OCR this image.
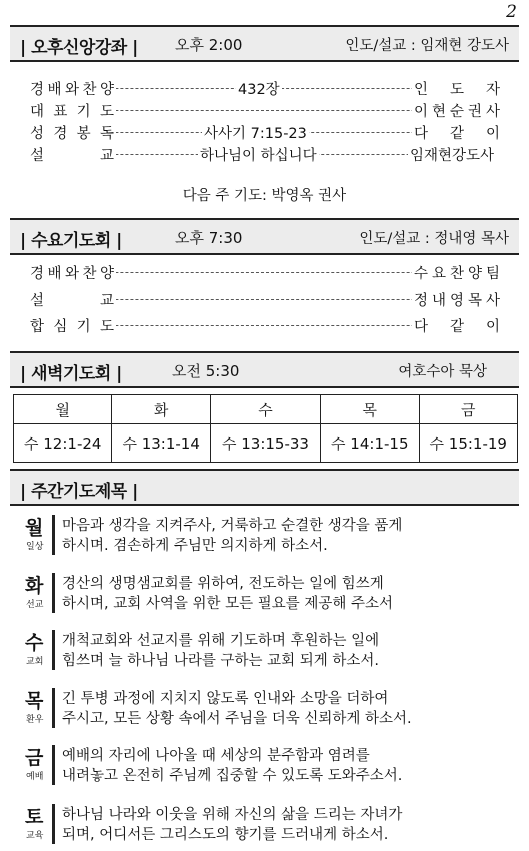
2
| 오후신앙강좌 | 오후 2:00	인도/설교 : 임재현 강도사
경 배 와 찬 양	432장	인 도 자
대 표 기 도	이 현 순 권 사
성 경 봉 독	사사기 7:15-23	다 같 이
설	교	하나님이 하십니다	임재현강도사
다음 주 기도: 박영옥 권사
| 수요기도회 |	오후 7:30	인도/설교 : 정내영 목사
경 배 와 찬 양	수 요 찬 양 팀
설	교	정 내 영 목 사
합 심 기 도	다 같 이
| 새벽기도회 |	오전 5:30	여호수아 묵상
월	화	수	목	금
수 12:1-24	수 13:1-14	수 13:15-33	수 14:1-15	수 15:1-19
| 주간기도제목 |
월
일상
마음과 생각을 지켜주사, 거룩하고 순결한 생각을 품게
하시며. 겸손하게 주님만 의지하게 하소서.
화
선교
경산의 생명샘교회를 위하여, 전도하는 일에 힘쓰게
하시며, 교회 사역을 위한 모든 필요를 제공해 주소서
수
교회
개척교회와 선교지를 위해 기도하며 후원하는 일에
힘쓰며 늘 하나님 나라를 구하는 교회 되게 하소서.
목
환우
긴 투병 과정에 지치지 않도록 인내와 소망을 더하여
주시고, 모든 상황 속에서 주님을 더욱 신뢰하게 하소서.
금
예배
예배의 자리에 나아올 때 세상의 분주함과 염려를
내려놓고 온전히 주님께 집중할 수 있도록 도와주소서.
토
교육
하나님 나라와 이웃을 위해 자신의 삶을 드리는 자녀가
되며, 어디서든 그리스도의 향기를 드러내게 하소서.
